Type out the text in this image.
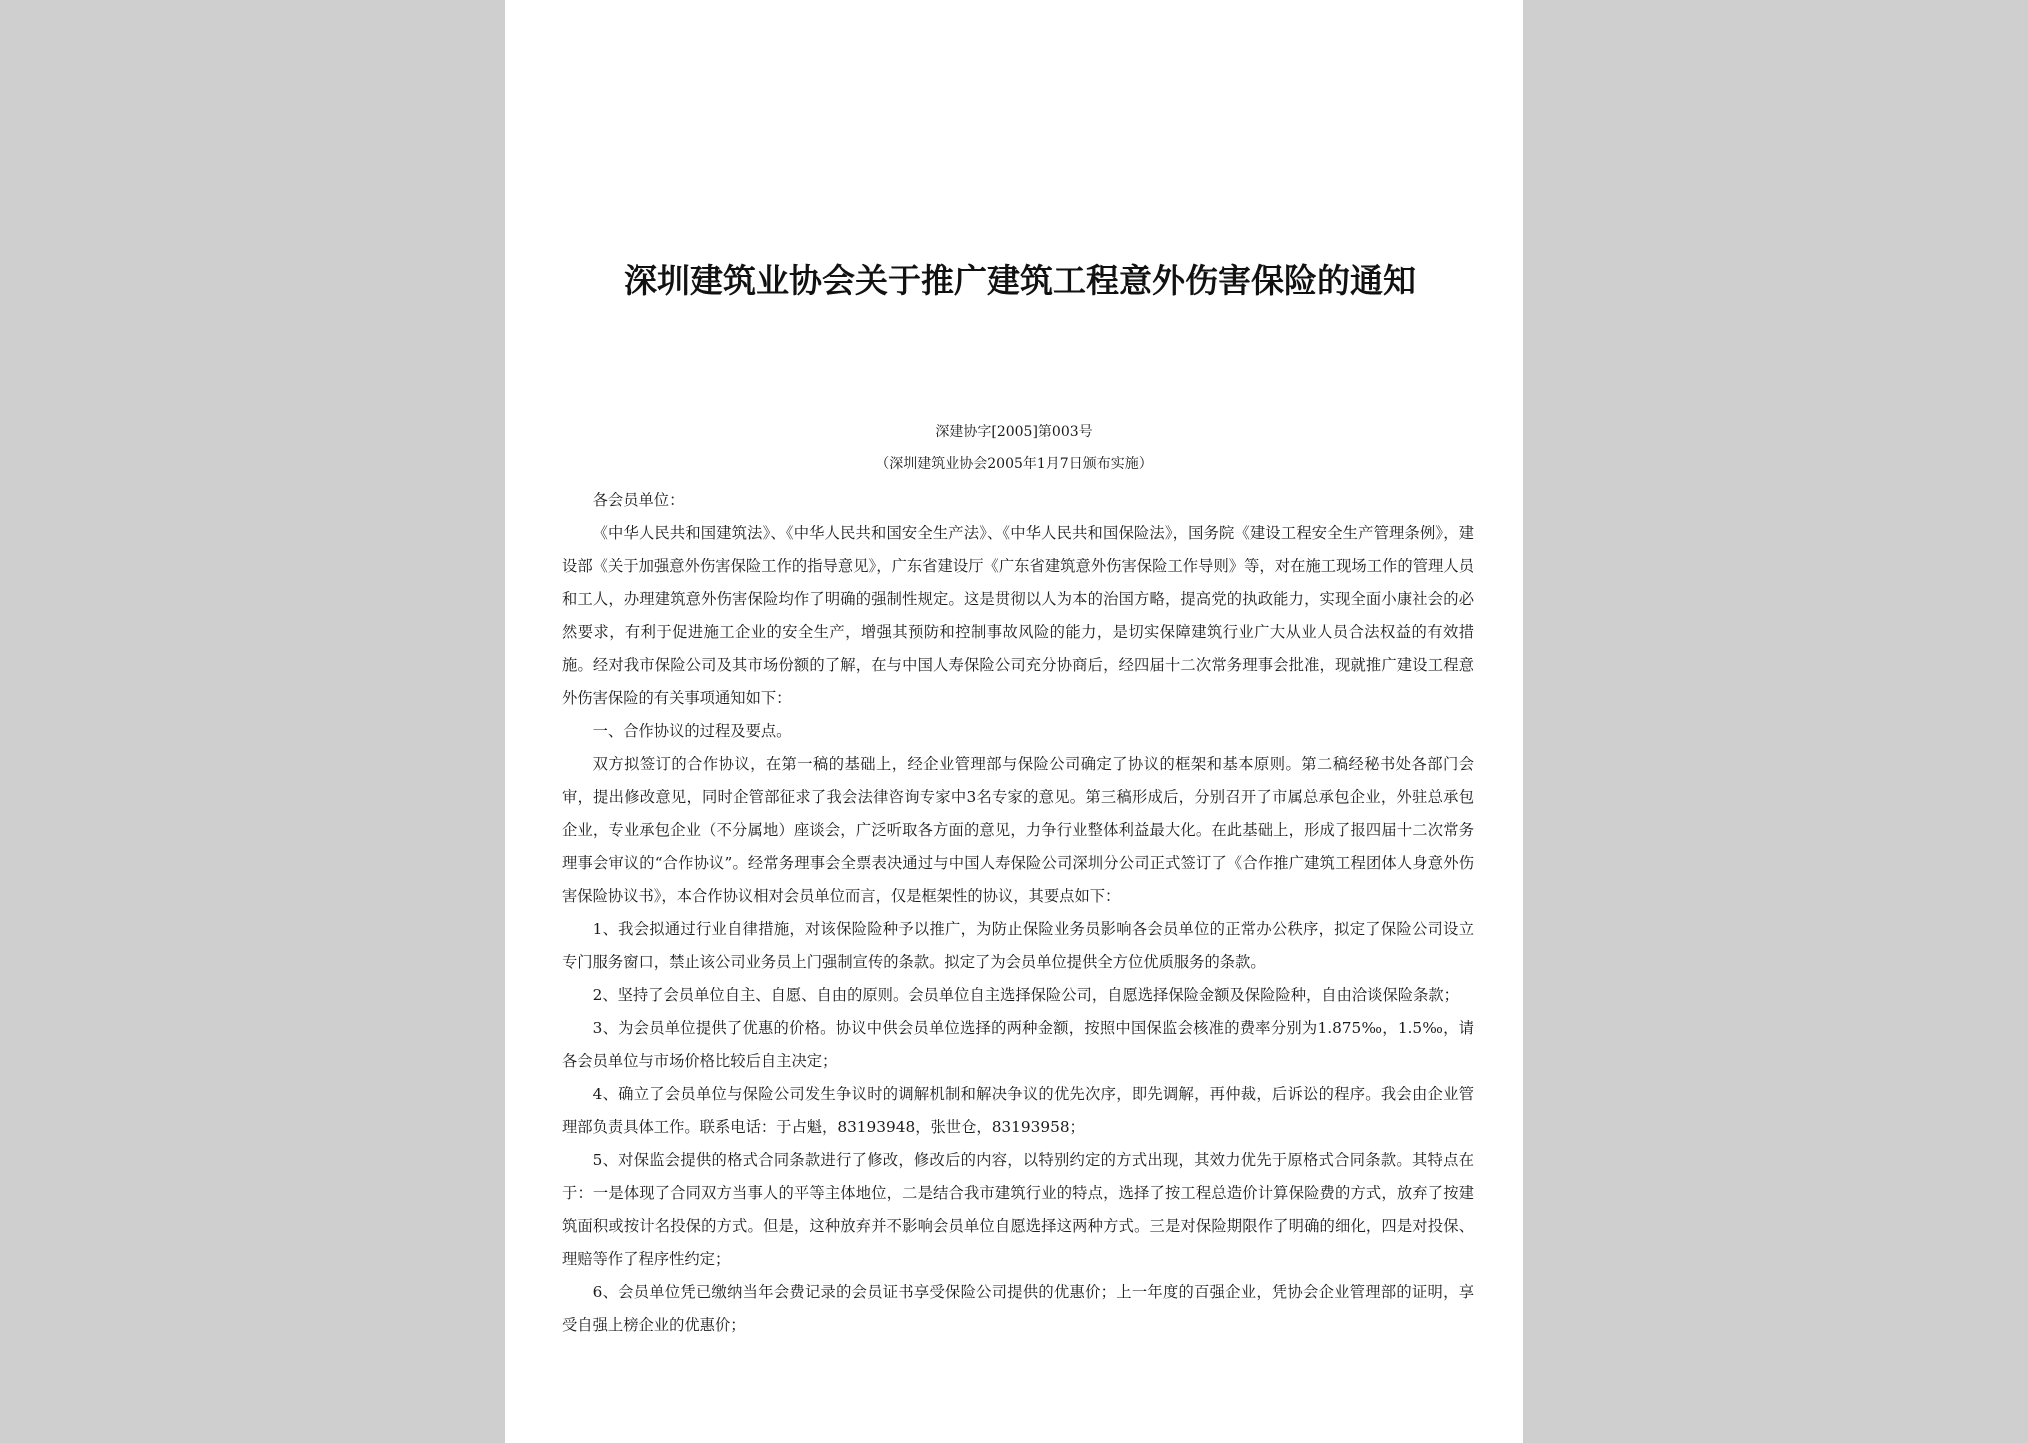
深圳建筑业协会关于推广建筑工程意外伤害保险的通知
深建协字[2005]第003号
（深圳建筑业协会2005年1月7日颁布实施）

各会员单位：

《中华人民共和国建筑法》、《中华人民共和国安全生产法》、《中华人民共和国保险法》，国务院《建设工程安全生产管理条例》，建设部《关于加强意外伤害保险工作的指导意见》，广东省建设厅《广东省建筑意外伤害保险工作导则》等，对在施工现场工作的管理人员和工人，办理建筑意外伤害保险均作了明确的强制性规定。这是贯彻以人为本的治国方略，提高党的执政能力，实现全面小康社会的必然要求，有利于促进施工企业的安全生产，增强其预防和控制事故风险的能力，是切实保障建筑行业广大从业人员合法权益的有效措施。经对我市保险公司及其市场份额的了解，在与中国人寿保险公司充分协商后，经四届十二次常务理事会批准，现就推广建设工程意外伤害保险的有关事项通知如下：

一、合作协议的过程及要点。

双方拟签订的合作协议，在第一稿的基础上，经企业管理部与保险公司确定了协议的框架和基本原则。第二稿经秘书处各部门会审，提出修改意见，同时企管部征求了我会法律咨询专家中3名专家的意见。第三稿形成后，分别召开了市属总承包企业，外驻总承包企业，专业承包企业（不分属地）座谈会，广泛听取各方面的意见，力争行业整体利益最大化。在此基础上，形成了报四届十二次常务理事会审议的“合作协议”。经常务理事会全票表决通过与中国人寿保险公司深圳分公司正式签订了《合作推广建筑工程团体人身意外伤害保险协议书》，本合作协议相对会员单位而言，仅是框架性的协议，其要点如下：

1、我会拟通过行业自律措施，对该保险险种予以推广，为防止保险业务员影响各会员单位的正常办公秩序，拟定了保险公司设立专门服务窗口，禁止该公司业务员上门强制宣传的条款。拟定了为会员单位提供全方位优质服务的条款。

2、坚持了会员单位自主、自愿、自由的原则。会员单位自主选择保险公司，自愿选择保险金额及保险险种，自由洽谈保险条款；

3、为会员单位提供了优惠的价格。协议中供会员单位选择的两种金额，按照中国保监会核准的费率分别为1.875‰，1.5‰，请各会员单位与市场价格比较后自主决定；

4、确立了会员单位与保险公司发生争议时的调解机制和解决争议的优先次序，即先调解，再仲裁，后诉讼的程序。我会由企业管理部负责具体工作。联系电话：于占魁，83193948，张世仓，83193958；

5、对保监会提供的格式合同条款进行了修改，修改后的内容，以特别约定的方式出现，其效力优先于原格式合同条款。其特点在于：一是体现了合同双方当事人的平等主体地位，二是结合我市建筑行业的特点，选择了按工程总造价计算保险费的方式，放弃了按建筑面积或按计名投保的方式。但是，这种放弃并不影响会员单位自愿选择这两种方式。三是对保险期限作了明确的细化，四是对投保、理赔等作了程序性约定；

6、会员单位凭已缴纳当年会费记录的会员证书享受保险公司提供的优惠价；上一年度的百强企业，凭协会企业管理部的证明，享受自强上榜企业的优惠价；
